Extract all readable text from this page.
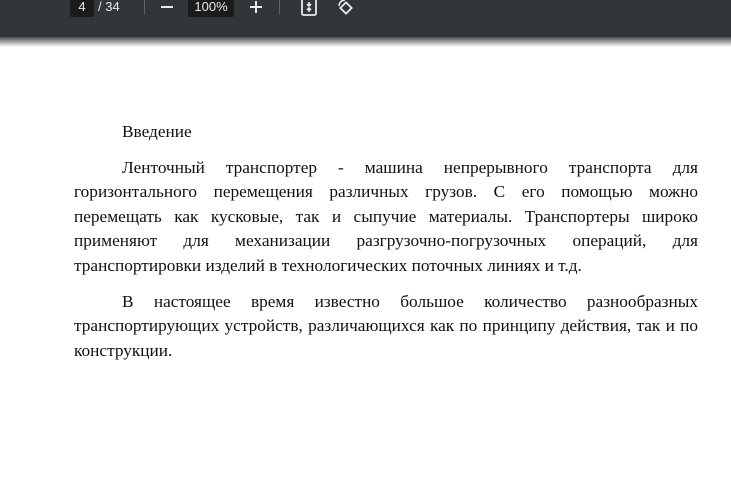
4 / 34	100%

Введение

Ленточный транспортер - машина непрерывного транспорта для горизонтального перемещения различных грузов. С его помощью можно перемещать как кусковые, так и сыпучие материалы. Транспортеры широко применяют для механизации разгрузочно-погрузочных операций, для транспортировки изделий в технологических поточных линиях и т.д.

В настоящее время известно большое количество разнообразных транспортирующих устройств, различающихся как по принципу действия, так и по конструкции.
